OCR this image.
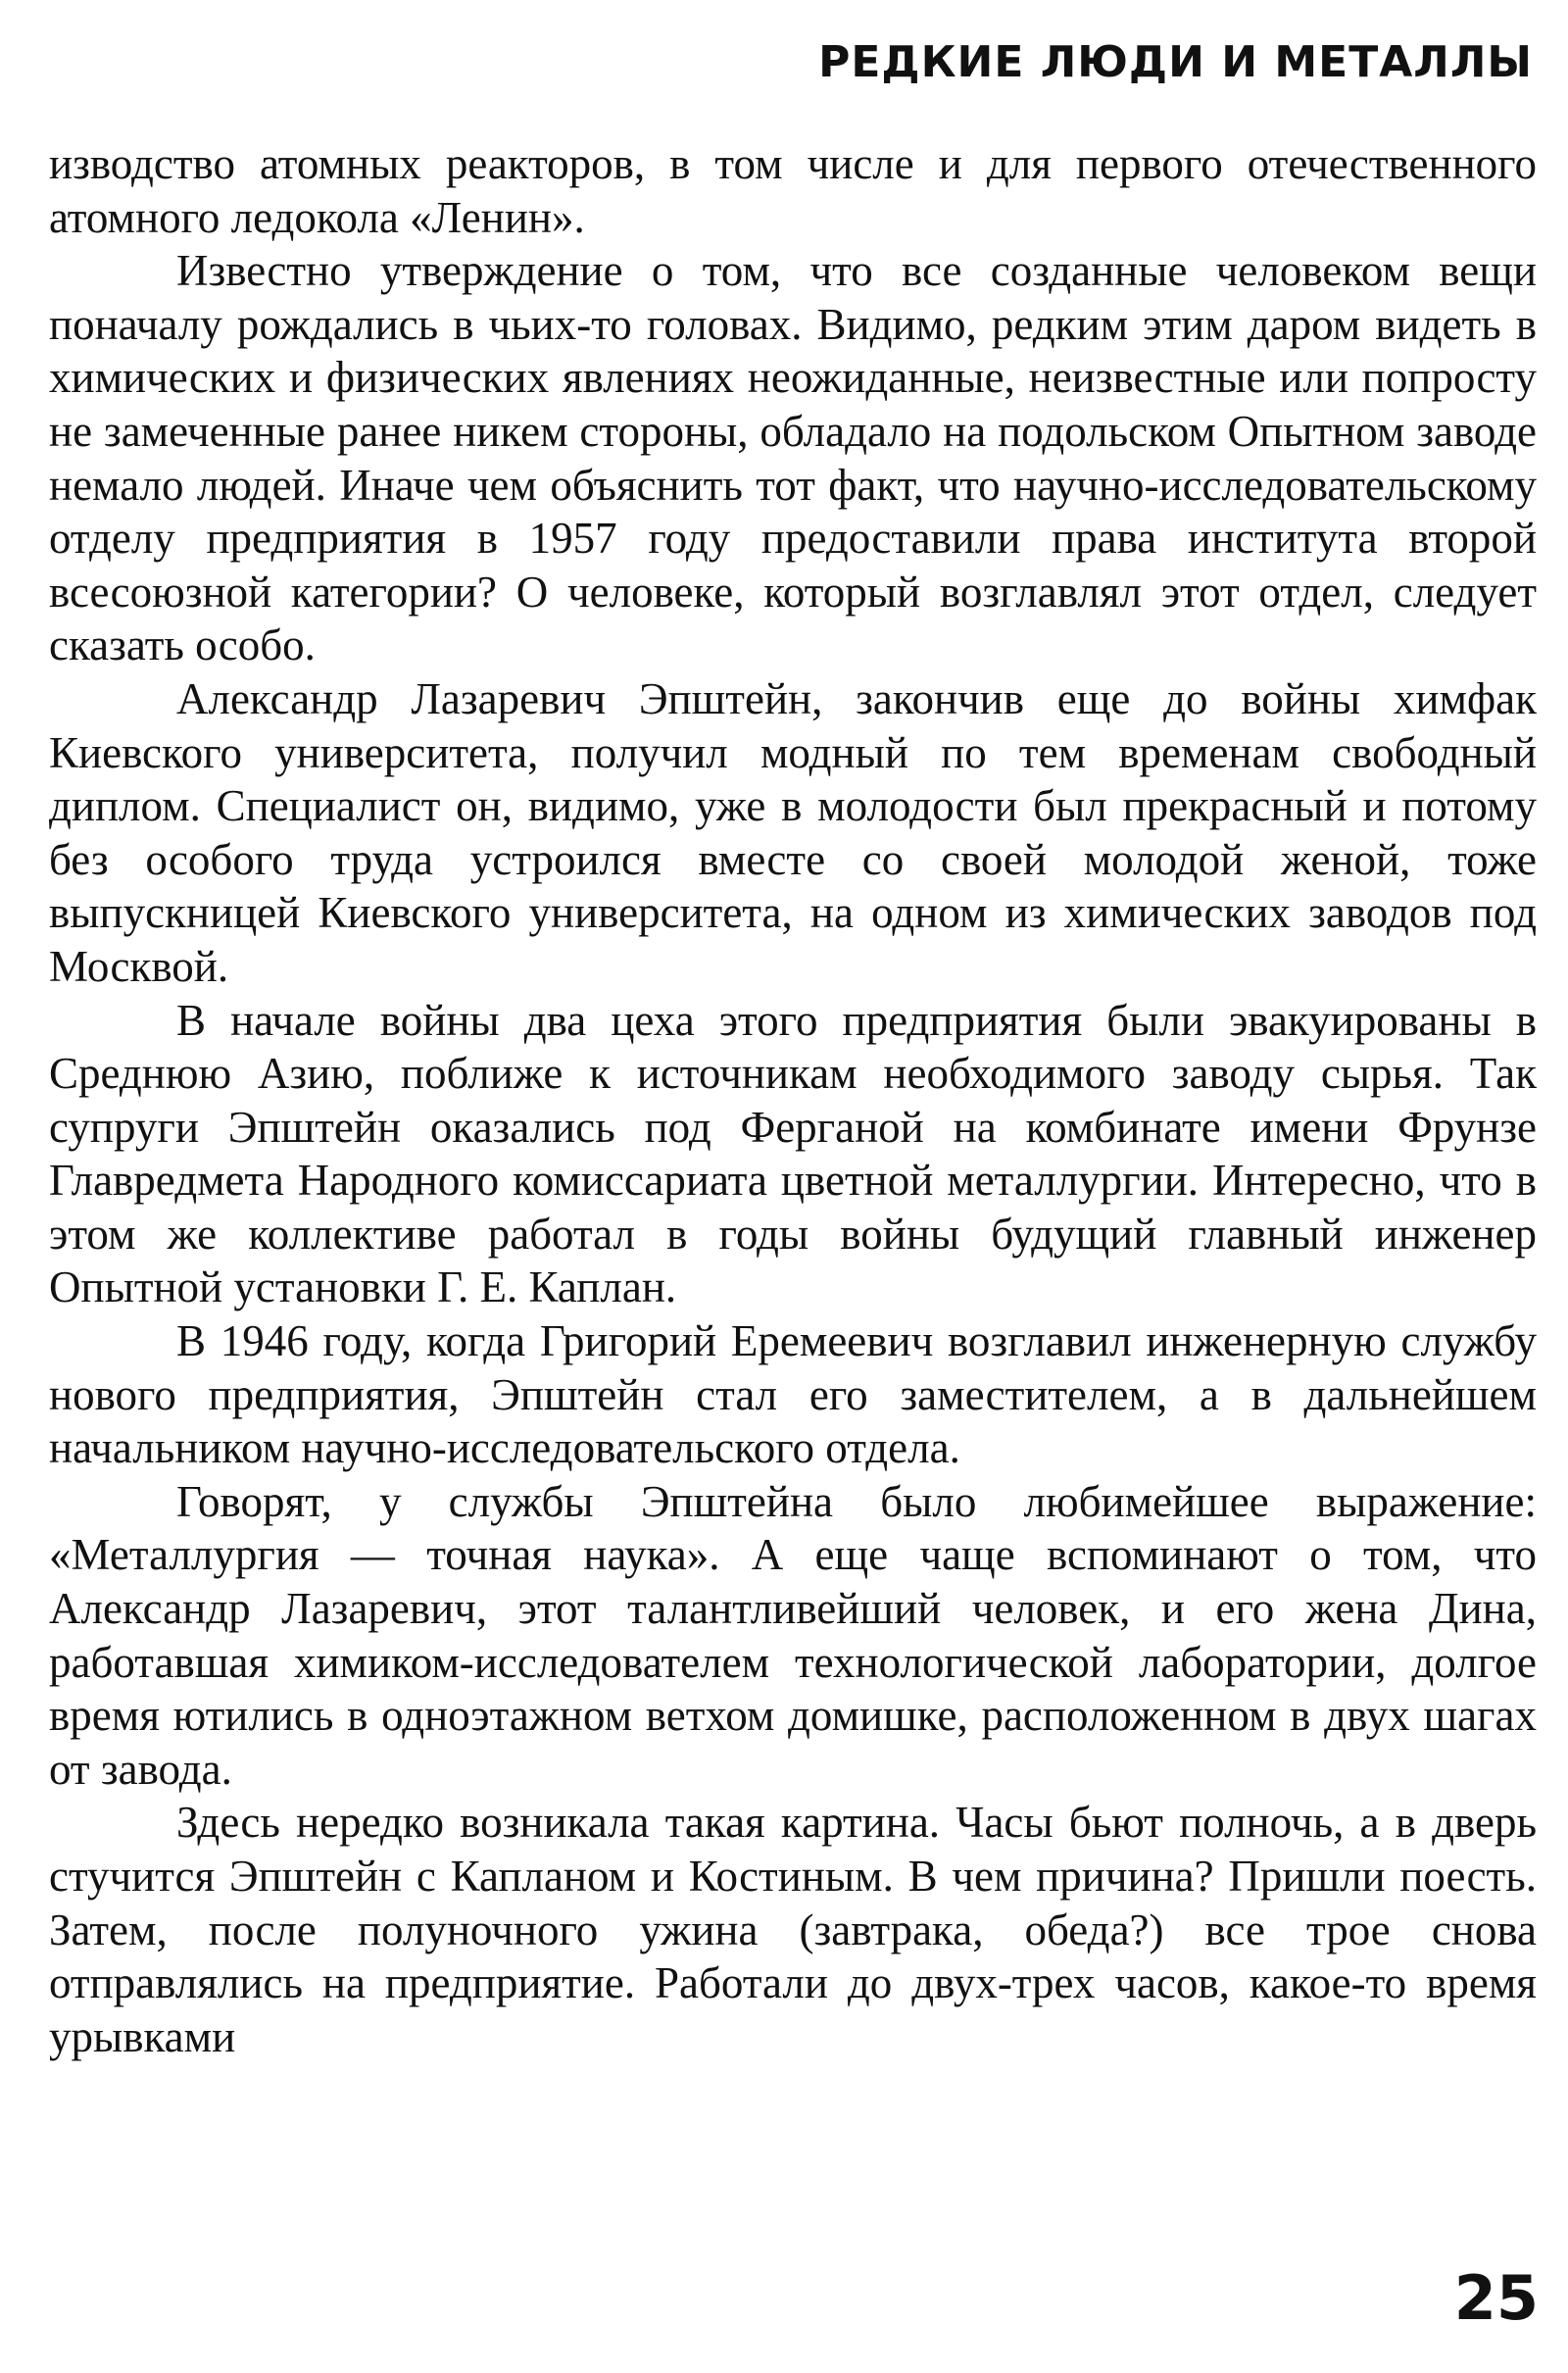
РЕДКИЕ ЛЮДИ И МЕТАЛЛЫ

изводство атомных реакторов, в том числе и для первого отечественного атомного ледокола «Ленин».

Известно утверждение о том, что все созданные человеком вещи поначалу рождались в чьих-то головах. Видимо, редким этим даром видеть в химических и физических явлениях неожиданные, неизвестные или попросту не замеченные ранее никем стороны, обладало на подольском Опытном заводе немало людей. Иначе чем объяснить тот факт, что научно-исследовательскому отделу предприятия в 1957 году предоставили права института второй всесоюзной категории? О человеке, который возглавлял этот отдел, следует сказать особо.

Александр Лазаревич Эпштейн, закончив еще до войны химфак Киевского университета, получил модный по тем временам свободный диплом. Специалист он, видимо, уже в молодости был прекрасный и потому без особого труда устроился вместе со своей молодой женой, тоже выпускницей Киевского университета, на одном из химических заводов под Москвой.

В начале войны два цеха этого предприятия были эвакуированы в Среднюю Азию, поближе к источникам необходимого заводу сырья. Так супруги Эпштейн оказались под Ферганой на комбинате имени Фрунзе Главредмета Народного комиссариата цветной металлургии. Интересно, что в этом же коллективе работал в годы войны будущий главный инженер Опытной установки Г. Е. Каплан.

В 1946 году, когда Григорий Еремеевич возглавил инженерную службу нового предприятия, Эпштейн стал его заместителем, а в дальнейшем начальником научно-исследовательского отдела.

Говорят, у службы Эпштейна было любимейшее выражение: «Металлургия — точная наука». А еще чаще вспоминают о том, что Александр Лазаревич, этот талантливейший человек, и его жена Дина, работавшая химиком-исследователем технологической лаборатории, долгое время ютились в одноэтажном ветхом домишке, расположенном в двух шагах от завода.

Здесь нередко возникала такая картина. Часы бьют полночь, а в дверь стучится Эпштейн с Капланом и Костиным. В чем причина? Пришли поесть. Затем, после полуночного ужина (завтрака, обеда?) все трое снова отправлялись на предприятие. Работали до двух-трех часов, какое-то время урывками

25
